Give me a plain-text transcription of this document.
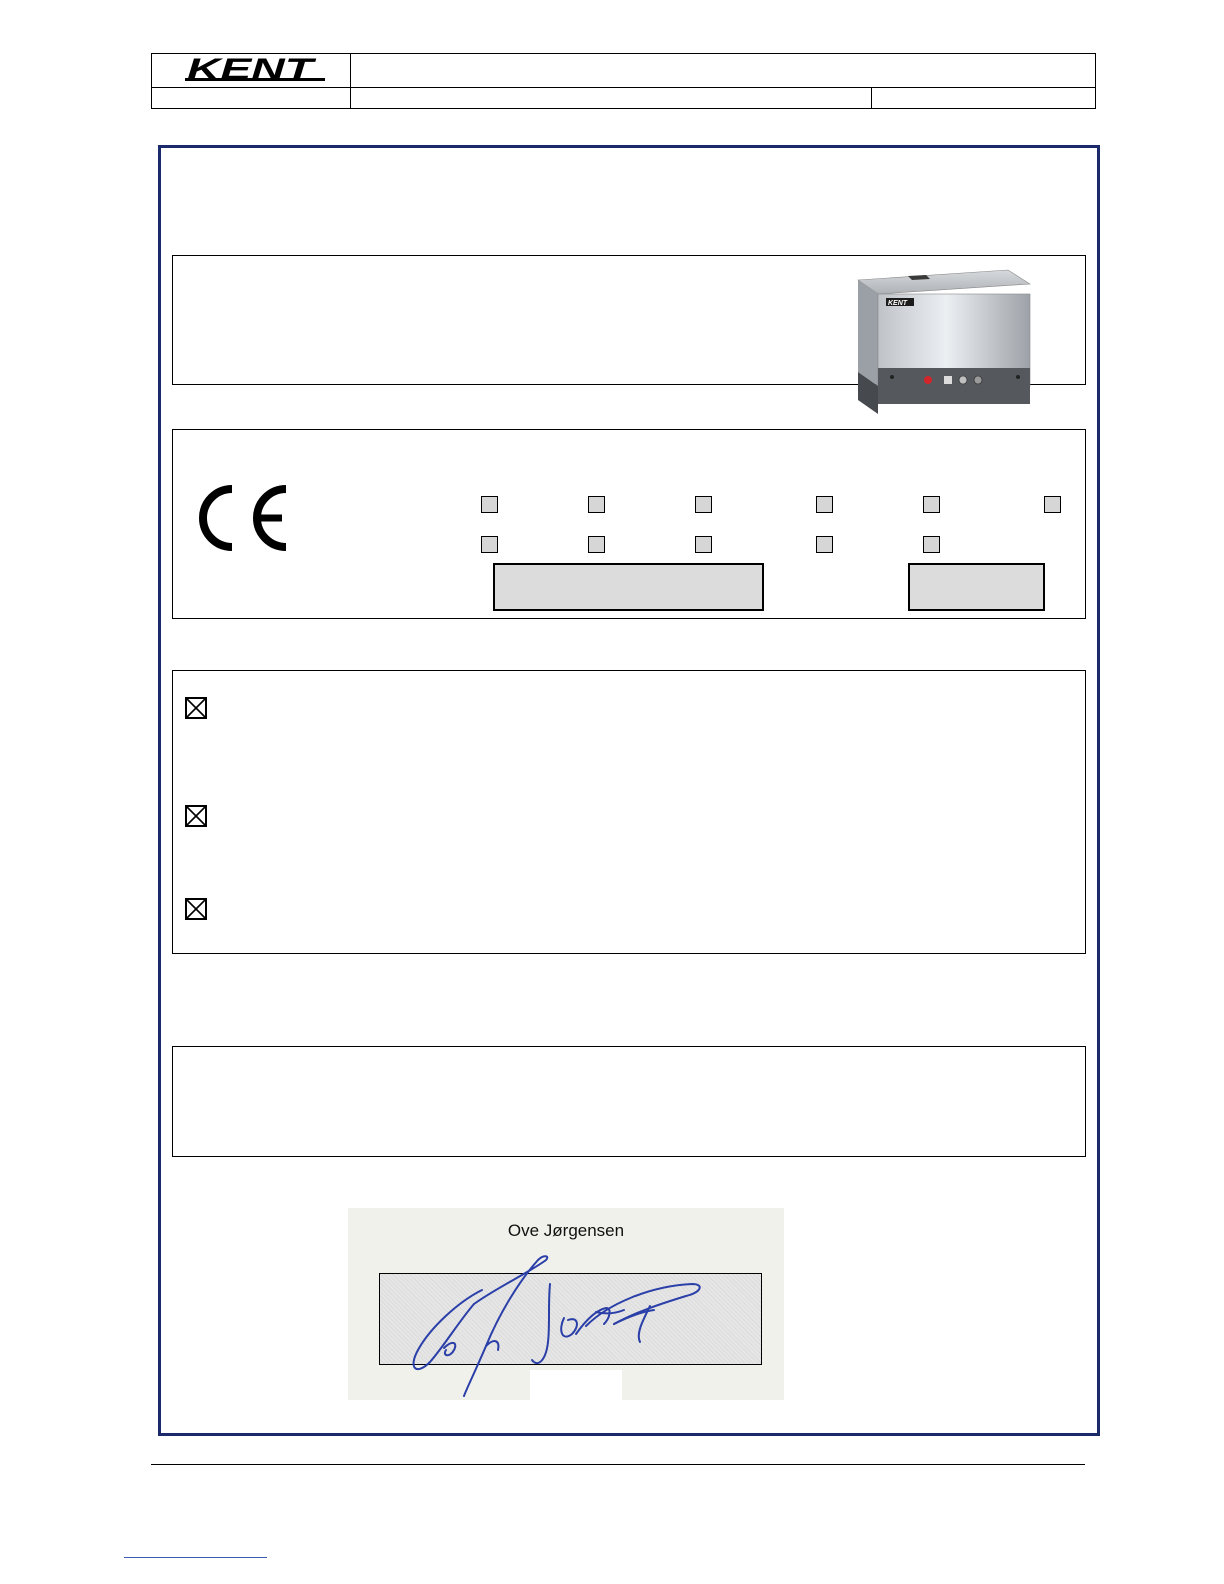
KENT
KENT
Ove Jørgensen
